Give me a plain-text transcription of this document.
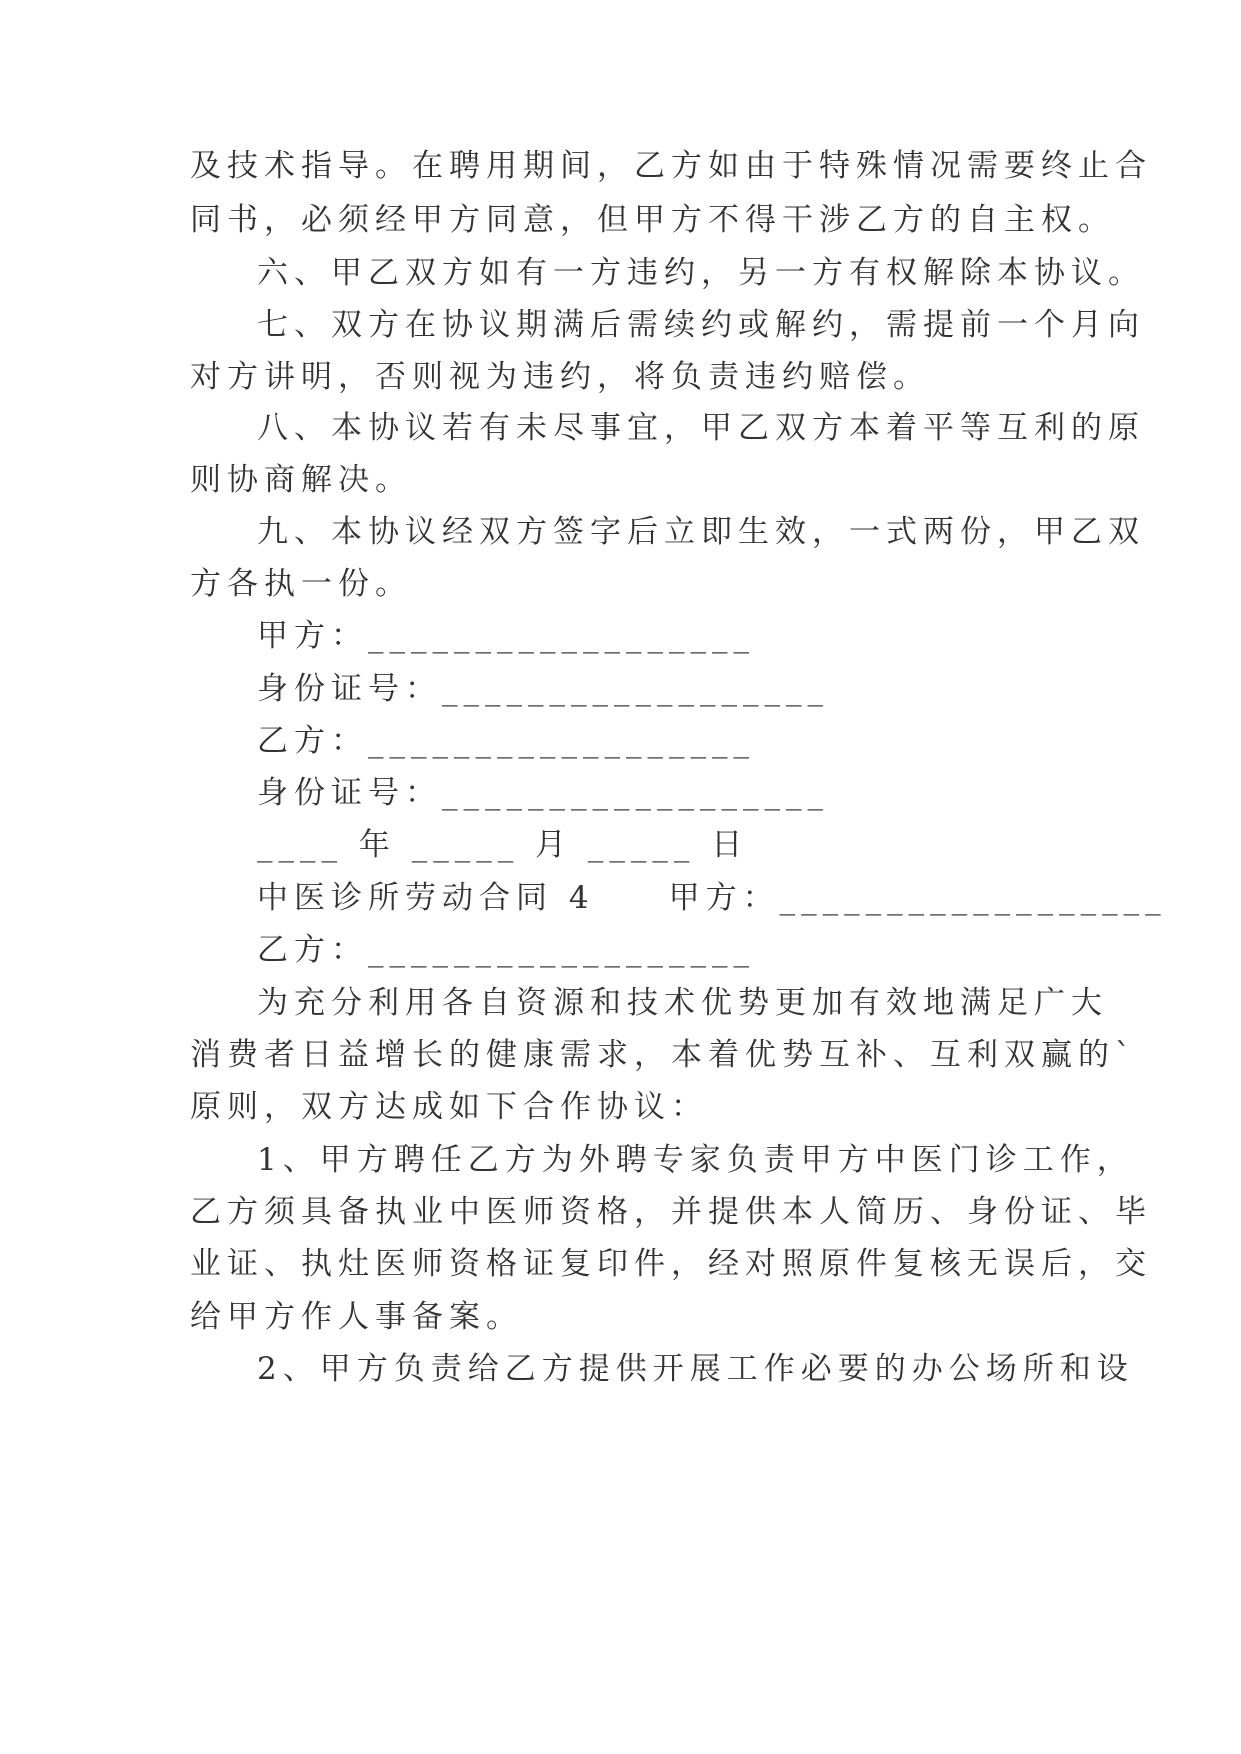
及技术指导。在聘用期间，乙方如由于特殊情况需要终止合
同书，必须经甲方同意，但甲方不得干涉乙方的自主权。
六、甲乙双方如有一方违约，另一方有权解除本协议。
七、双方在协议期满后需续约或解约，需提前一个月向
对方讲明，否则视为违约，将负责违约赔偿。
八、本协议若有未尽事宜，甲乙双方本着平等互利的原
则协商解决。
九、本协议经双方签字后立即生效，一式两份，甲乙双
方各执一份。
甲方：__________________
身份证号：__________________
乙方：__________________
身份证号：__________________
____ 年 _____ 月 _____ 日
中医诊所劳动合同 4　　甲方：__________________
乙方：__________________
为充分利用各自资源和技术优势更加有效地满足广大
消费者日益增长的健康需求，本着优势互补、互利双赢的`
原则，双方达成如下合作协议：
1、甲方聘任乙方为外聘专家负责甲方中医门诊工作，
乙方须具备执业中医师资格，并提供本人简历、身份证、毕
业证、执灶医师资格证复印件，经对照原件复核无误后，交
给甲方作人事备案。
2、甲方负责给乙方提供开展工作必要的办公场所和设
